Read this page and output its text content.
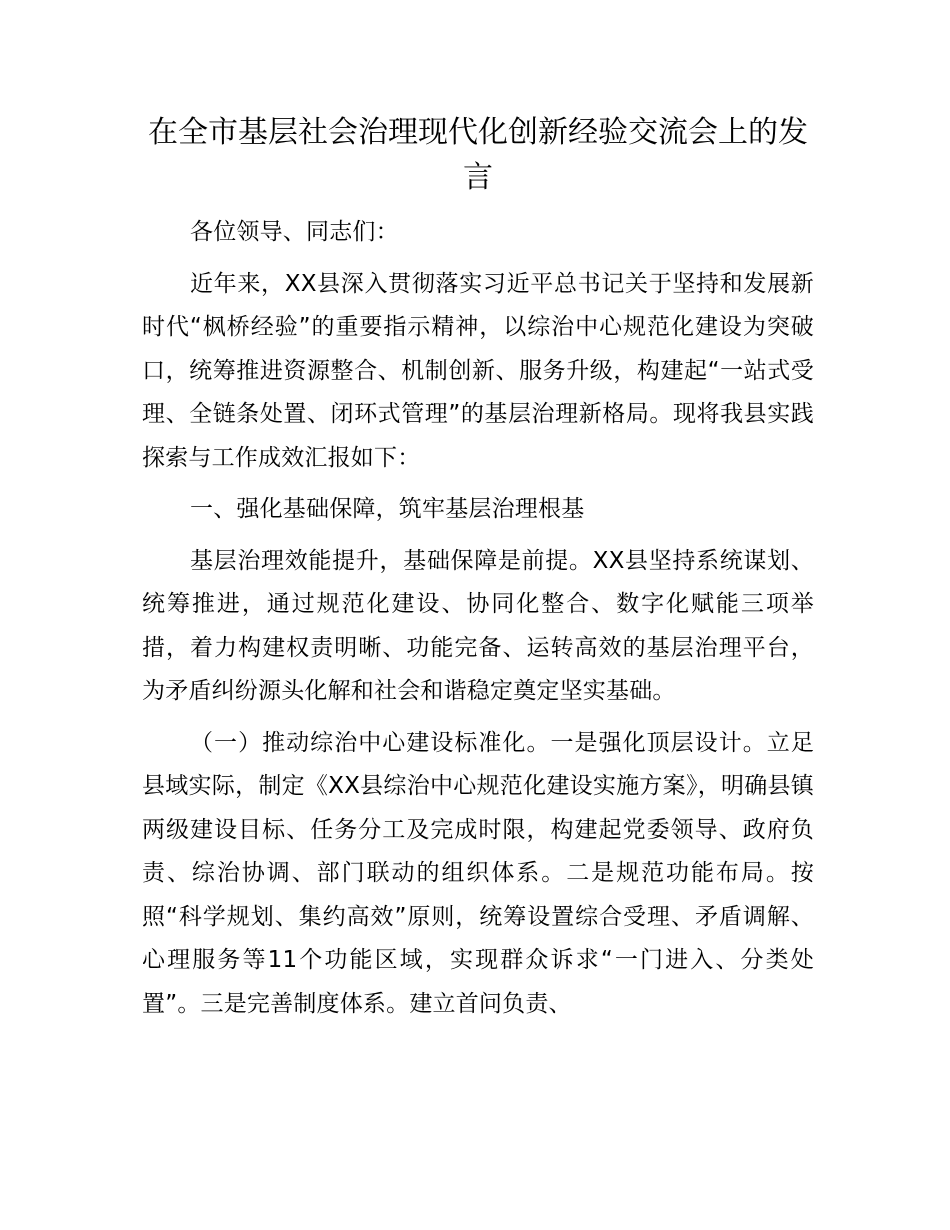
在全市基层社会治理现代化创新经验交流会上的发言

各位领导、同志们：

近年来，XX县深入贯彻落实习近平总书记关于坚持和发展新时代“枫桥经验”的重要指示精神，以综治中心规范化建设为突破口，统筹推进资源整合、机制创新、服务升级，构建起“一站式受理、全链条处置、闭环式管理”的基层治理新格局。现将我县实践探索与工作成效汇报如下：

一、强化基础保障，筑牢基层治理根基

基层治理效能提升，基础保障是前提。XX县坚持系统谋划、统筹推进，通过规范化建设、协同化整合、数字化赋能三项举措，着力构建权责明晰、功能完备、运转高效的基层治理平台，为矛盾纠纷源头化解和社会和谐稳定奠定坚实基础。

（一）推动综治中心建设标准化。一是强化顶层设计。立足县域实际，制定《XX县综治中心规范化建设实施方案》，明确县镇两级建设目标、任务分工及完成时限，构建起党委领导、政府负责、综治协调、部门联动的组织体系。二是规范功能布局。按照“科学规划、集约高效”原则，统筹设置综合受理、矛盾调解、心理服务等11个功能区域，实现群众诉求“一门进入、分类处置”。三是完善制度体系。建立首问负责、
